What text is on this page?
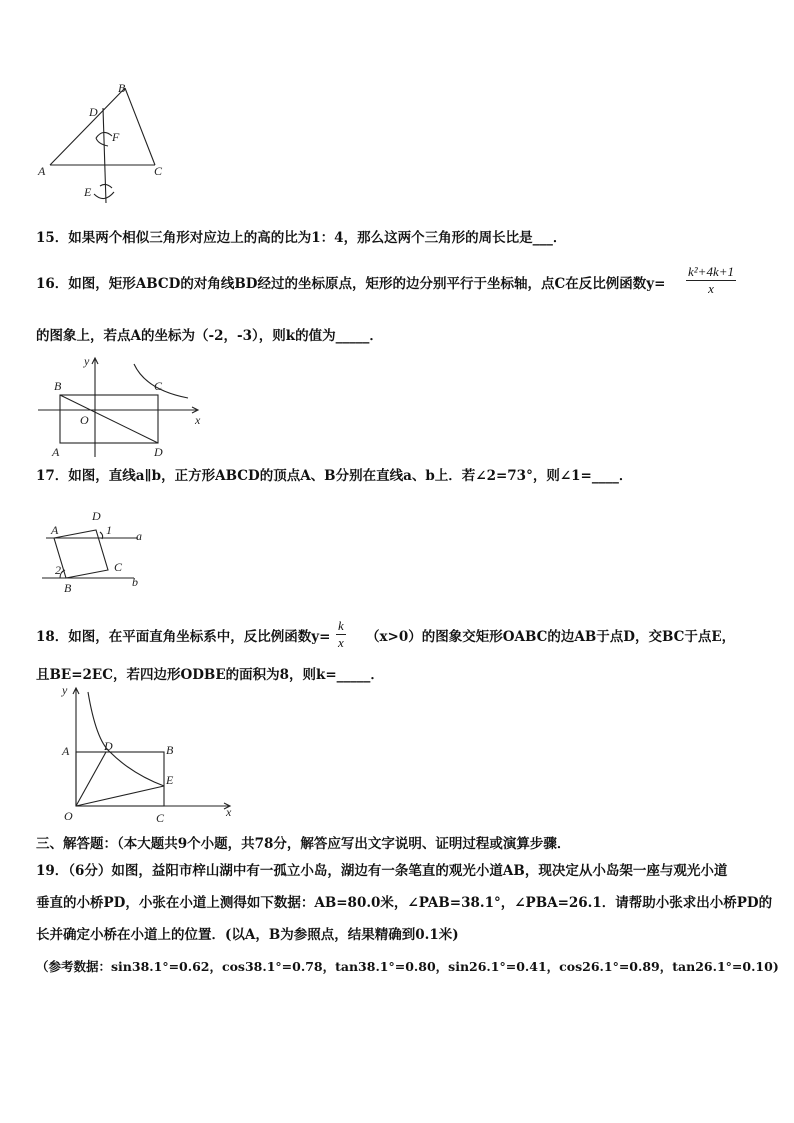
A
B
C
D
E
F
15．如果两个相似三角形对应边上的高的比为1：4，那么这两个三角形的周长比是___．
16．如图，矩形ABCD的对角线BD经过的坐标原点，矩形的边分别平行于坐标轴，点C在反比例函数$y= \frac{\text{k²+4k+1}}{x}$
的图象上，若点A的坐标为（-2，-3），则k的值为_____．
y
x
B	C
O
A	D
17．如图，直线a∥b，正方形ABCD的顶点A、B分别在直线a、b上．若∠2=73°，则∠1=____．
A
D
1 a
C
2
B	b
18．如图，在平面直角坐标系中，反比例函数$y= \frac{k}{x} (x>0)$的图象交矩形OABC的边AB于点D，交BC于点E，
且BE=2EC，若四边形ODBE的面积为8，则k=_____．
y
A	D	B
E
O	C	x
三、解答题：（本大题共9个小题，共78分，解答应写出文字说明、证明过程或演算步骤．
19．（6分）如图，益阳市梓山湖中有一孤立小岛，湖边有一条笔直的观光小道AB，现决定从小岛架一座与观光小道
垂直的小桥PD，小张在小道上测得如下数据：AB=80.0米，∠PAB=38.1°，∠PBA=26.1．请帮助小张求出小桥PD的
长并确定小桥在小道上的位置．(以A，B为参照点，结果精确到0.1米)
（参考数据：sin38.1°=0.62，cos38.1°=0.78，tan38.1°=0.80，sin26.1°=0.41，cos26.1°=0.89，tan26.1°=0.10)
